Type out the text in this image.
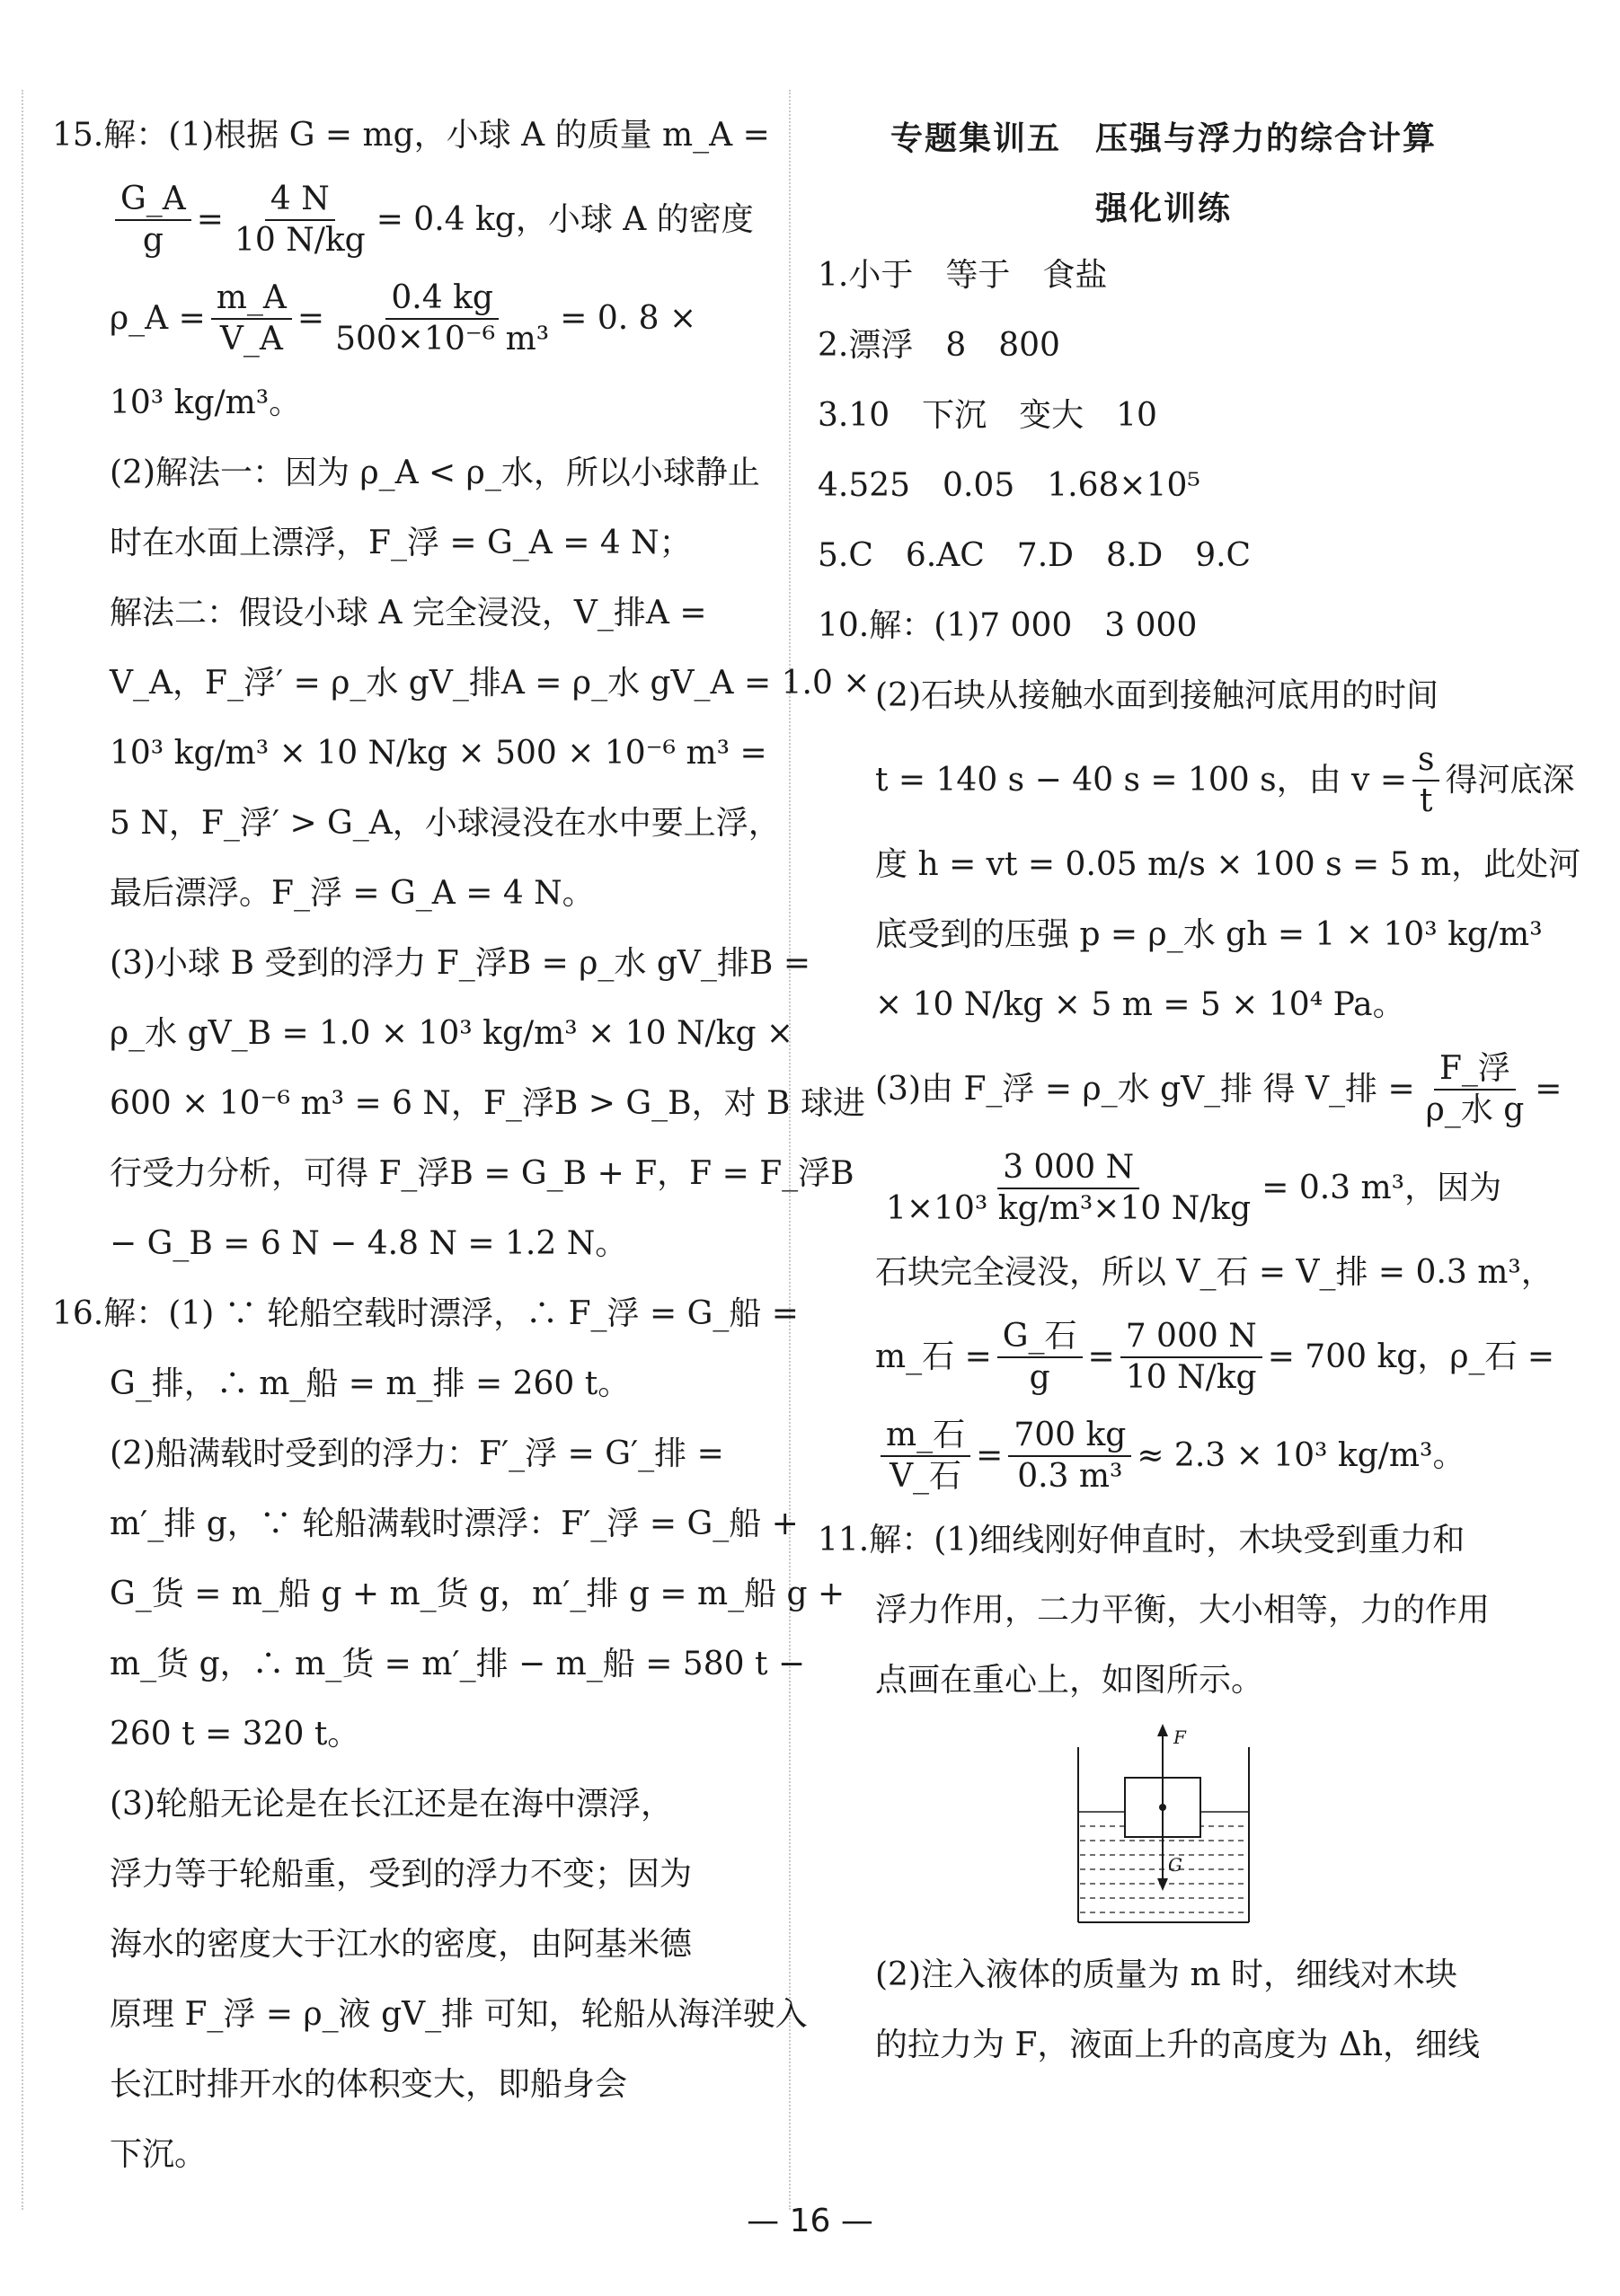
15.解：(1)根据 G = mg，小球 A 的质量 m_A =
$\frac{G\_A}{g} = \frac{4 N}{10 N/kg} = 0.4$ kg，小球 A 的密度
ρ_A = $\frac{m\_A}{V\_A} = \frac{0.4 kg}{\text{500×10⁻⁶ m³}} = 0$. 8 ×
10³ kg/m³。
(2)解法一：因为 ρ_A < ρ_水，所以小球静止
时在水面上漂浮，F_浮 = G_A = 4 N；
解法二：假设小球 A 完全浸没，V_排A =
V_A，F_浮′ = ρ_水 gV_排A = ρ_水 gV_A = 1.0 ×
10³ kg/m³ × 10 N/kg × 500 × 10⁻⁶ m³ =
5 N，F_浮′ > G_A，小球浸没在水中要上浮，
最后漂浮。F_浮 = G_A = 4 N。
(3)小球 B 受到的浮力 F_浮B = ρ_水 gV_排B =
ρ_水 gV_B = 1.0 × 10³ kg/m³ × 10 N/kg ×
600 × 10⁻⁶ m³ = 6 N，F_浮B > G_B，对 B 球进
行受力分析，可得 F_浮B = G_B + F，F = F_浮B
− G_B = 6 N − 4.8 N = 1.2 N。
16.解：(1) ∵ 轮船空载时漂浮，∴ F_浮 = G_船 =
G_排，∴ m_船 = m_排 = 260 t。
(2)船满载时受到的浮力：F′_浮 = G′_排 =
m′_排 g，∵ 轮船满载时漂浮：F′_浮 = G_船 +
G_货 = m_船 g + m_货 g，m′_排 g = m_船 g +
m_货 g，∴ m_货 = m′_排 − m_船 = 580 t −
260 t = 320 t。
(3)轮船无论是在长江还是在海中漂浮，
浮力等于轮船重，受到的浮力不变；因为
海水的密度大于江水的密度，由阿基米德
原理 F_浮 = ρ_液 gV_排 可知，轮船从海洋驶入
长江时排开水的体积变大，即船身会
下沉。
专题集训五　压强与浮力的综合计算
强化训练
1.小于　等于　食盐
2.漂浮　8　800
3.10　下沉　变大　10
4.525　0.05　1.68×10⁵
5.C　6.AC　7.D　8.D　9.C
10.解：(1)7 000　3 000
(2)石块从接触水面到接触河底用的时间
t = 140 s − 40 s = 100 s，由 $v = \frac{s}{t}$ 得河底深
度 h = vt = 0.05 m/s × 100 s = 5 m，此处河
底受到的压强 p = ρ_水 gh = 1 × 10³ kg/m³
× 10 N/kg × 5 m = 5 × 10⁴ Pa。
(3)由 F_浮 = ρ_水 gV_排 得 V_排 = $\frac{\text{F\_浮}}{\text{ρ\_水 g}}$ =
$\frac{3 000 N}{\text{1×10³ kg/m³×10 N/kg}} = 0.3$ m³，因为
石块完全浸没，所以 V_石 = V_排 = 0.3 m³，
m_石 = $\frac{\text{G\_石}}{g} = \frac{7 000 N}{10 N/kg} = 700$ kg，ρ_石 =
$\frac{\text{m\_石}}{\text{V\_石}} = \frac{700 kg}{\text{0.3 m³}} \approx 2.3 \times 10^3$ kg/m³。
11.解：(1)细线刚好伸直时，木块受到重力和
浮力作用，二力平衡，大小相等，力的作用
点画在重心上，如图所示。
F
G
(2)注入液体的质量为 m 时，细线对木块
的拉力为 F，液面上升的高度为 Δh，细线
— 16 —
